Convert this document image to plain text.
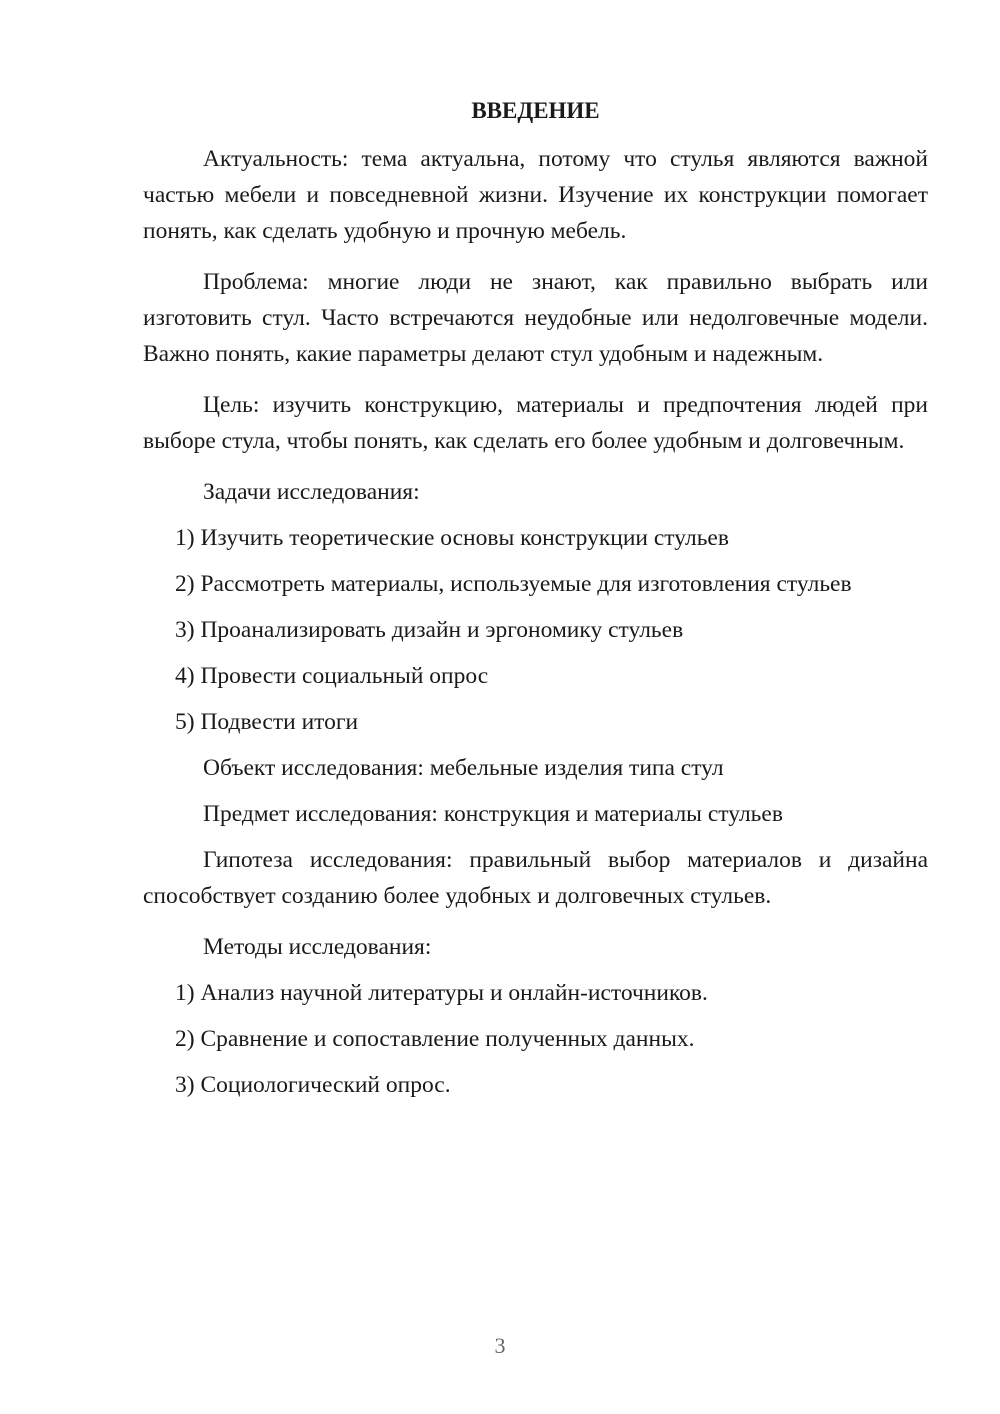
ВВЕДЕНИЕ

Актуальность: тема актуальна, потому что стулья являются важной частью мебели и повседневной жизни. Изучение их конструкции помогает понять, как сделать удобную и прочную мебель.

Проблема: многие люди не знают, как правильно выбрать или изготовить стул. Часто встречаются неудобные или недолговечные модели. Важно понять, какие параметры делают стул удобным и надежным.

Цель: изучить конструкцию, материалы и предпочтения людей при выборе стула, чтобы понять, как сделать его более удобным и долговечным.

Задачи исследования:
1) Изучить теоретические основы конструкции стульев
2) Рассмотреть материалы, используемые для изготовления стульев
3) Проанализировать дизайн и эргономику стульев
4) Провести социальный опрос
5) Подвести итоги
Объект исследования: мебельные изделия типа стул
Предмет исследования: конструкция и материалы стульев

Гипотеза исследования: правильный выбор материалов и дизайна способствует созданию более удобных и долговечных стульев.

Методы исследования:
1) Анализ научной литературы и онлайн-источников.
2) Сравнение и сопоставление полученных данных.
3) Социологический опрос.
3
